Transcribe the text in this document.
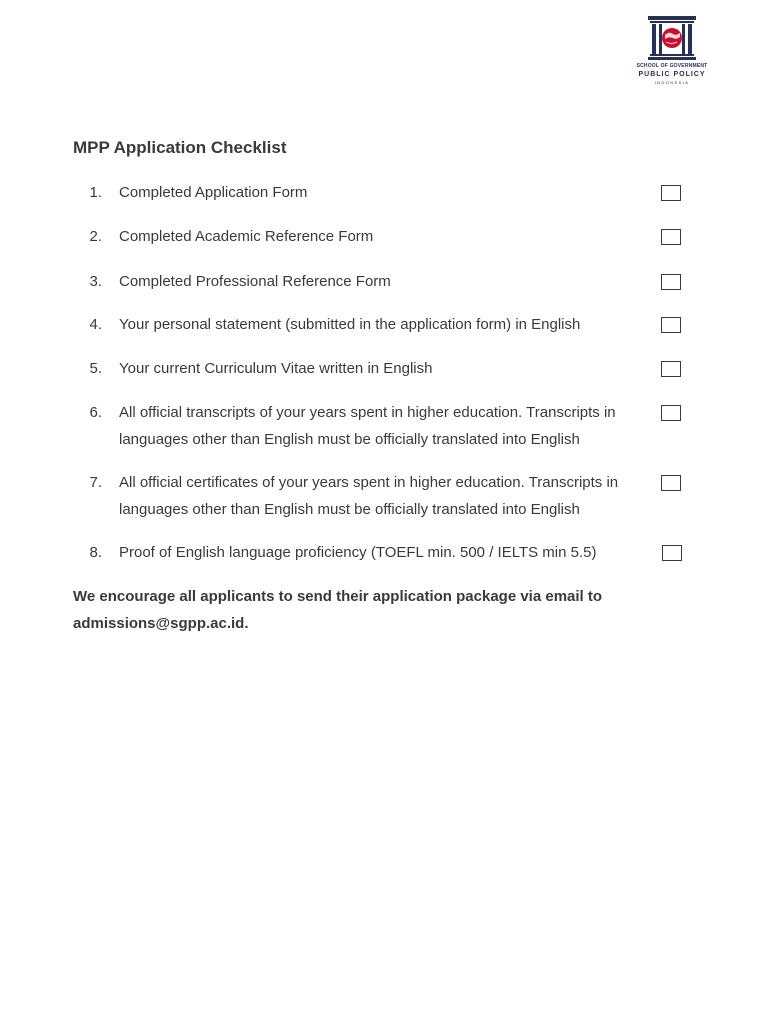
SCHOOL OF GOVERNMENT
PUBLIC POLICY
INDONESIA
MPP Application Checklist
1. Completed Application Form
2. Completed Academic Reference Form
3. Completed Professional Reference Form
4. Your personal statement (submitted in the application form) in English
5. Your current Curriculum Vitae written in English
6. All official transcripts of your years spent in higher education. Transcripts in languages other than English must be officially translated into English
7. All official certificates of your years spent in higher education. Transcripts in languages other than English must be officially translated into English
8. Proof of English language proficiency (TOEFL min. 500 / IELTS min 5.5)
We encourage all applicants to send their application package via email to admissions@sgpp.ac.id.
